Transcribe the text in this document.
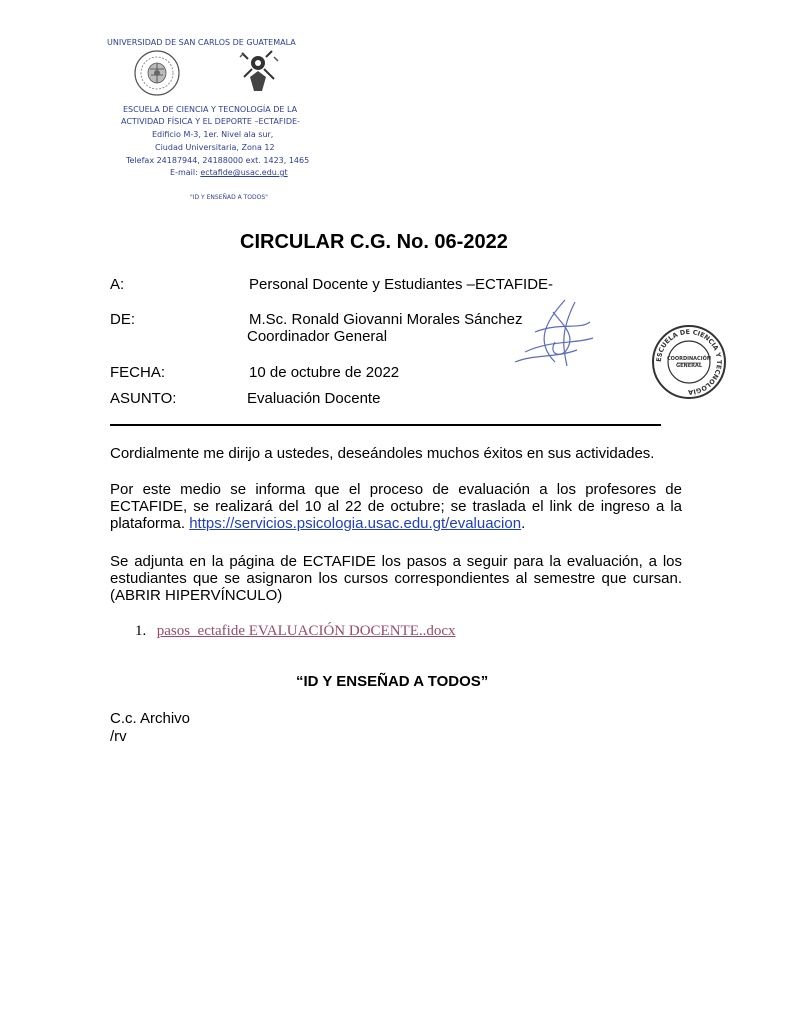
UNIVERSIDAD DE SAN CARLOS DE GUATEMALA
ESCUELA DE CIENCIA Y TECNOLOGÍA DE LA
ACTIVIDAD FÍSICA Y EL DEPORTE –ECTAFIDE-
Edificio M-3, 1er. Nivel ala sur,
Ciudad Universitaria, Zona 12
Telefax 24187944, 24188000 ext. 1423, 1465
E-mail: ectafide@usac.edu.gt
"ID Y ENSEÑAD A TODOS"
CIRCULAR C.G. No. 06-2022
A:	Personal Docente y Estudiantes –ECTAFIDE-
DE:	M.Sc. Ronald Giovanni Morales Sánchez
Coordinador General
FECHA:	10 de octubre de 2022
ASUNTO:	Evaluación Docente
ESCUELA DE CIENCIA Y TECNOLOGÍA
COORDINACIÓN
GENERAL
Cordialmente me dirijo a ustedes, deseándoles muchos éxitos en sus actividades.
Por este medio se informa que el proceso de evaluación a los profesores de ECTAFIDE, se realizará del 10 al 22 de octubre; se traslada el link de ingreso a la plataforma. https://servicios.psicologia.usac.edu.gt/evaluacion.
Se adjunta en la página de ECTAFIDE los pasos a seguir para la evaluación, a los estudiantes que se asignaron los cursos correspondientes al semestre que cursan. (ABRIR HIPERVÍNCULO)
1. pasos_ectafide EVALUACIÓN DOCENTE..docx
“ID Y ENSEÑAD A TODOS”
C.c. Archivo
/rv
